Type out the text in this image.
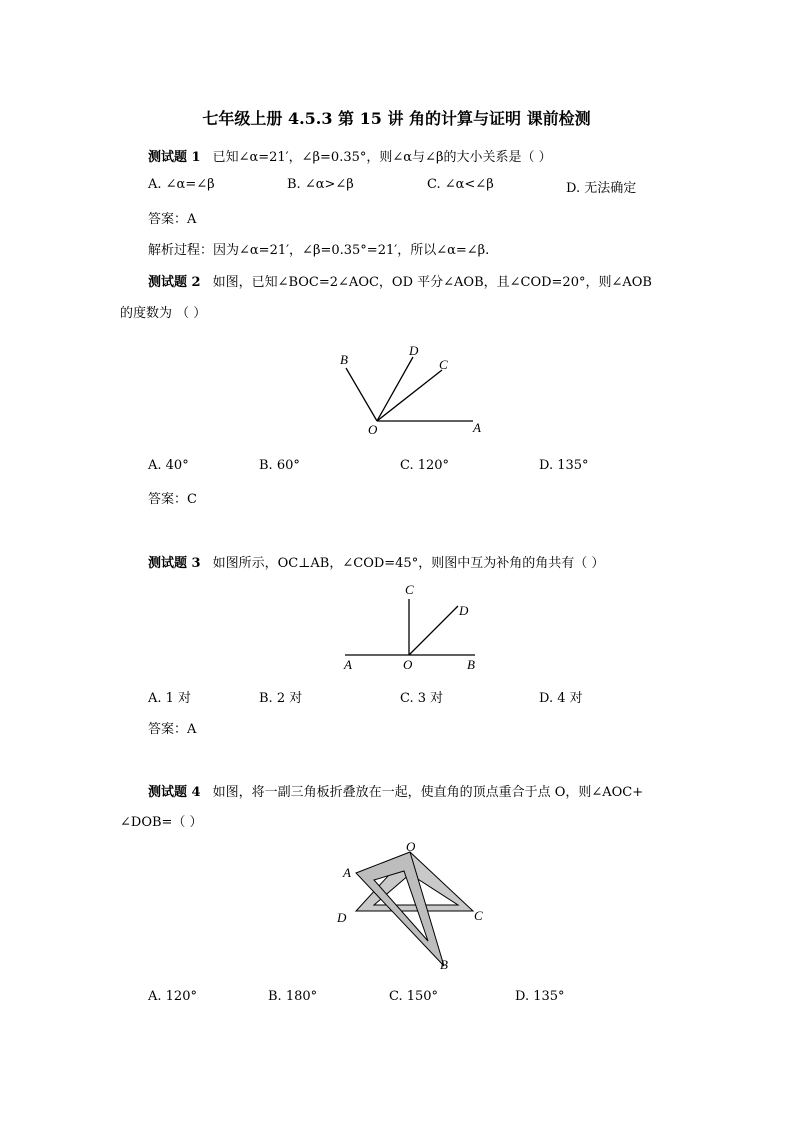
七年级上册 4.5.3 第 15 讲 角的计算与证明 课前检测
测试题 1 已知∠α=21′，∠β=0.35°，则∠α与∠β的大小关系是（ ）
A. ∠α=∠β	B. ∠α>∠β	C. ∠α<∠β	D. 无法确定
答案：A
解析过程：因为∠α=21′，∠β=0.35°=21′，所以∠α=∠β.
测试题 2 如图，已知∠BOC=2∠AOC，OD 平分∠AOB，且∠COD=20°，则∠AOB
的度数为 （ ）
B
D
C
O	A
A. 40°	B. 60°	C. 120°	D. 135°
答案：C
测试题 3 如图所示，OC⊥AB，∠COD=45°，则图中互为补角的角共有（ ）
C
D
A	O	B
A. 1 对	B. 2 对	C. 3 对	D. 4 对
答案：A
测试题 4 如图，将一副三角板折叠放在一起，使直角的顶点重合于点 O，则∠AOC+
∠DOB=（ ）
O
A
D	C
B
A. 120°	B. 180°	C. 150°	D. 135°
